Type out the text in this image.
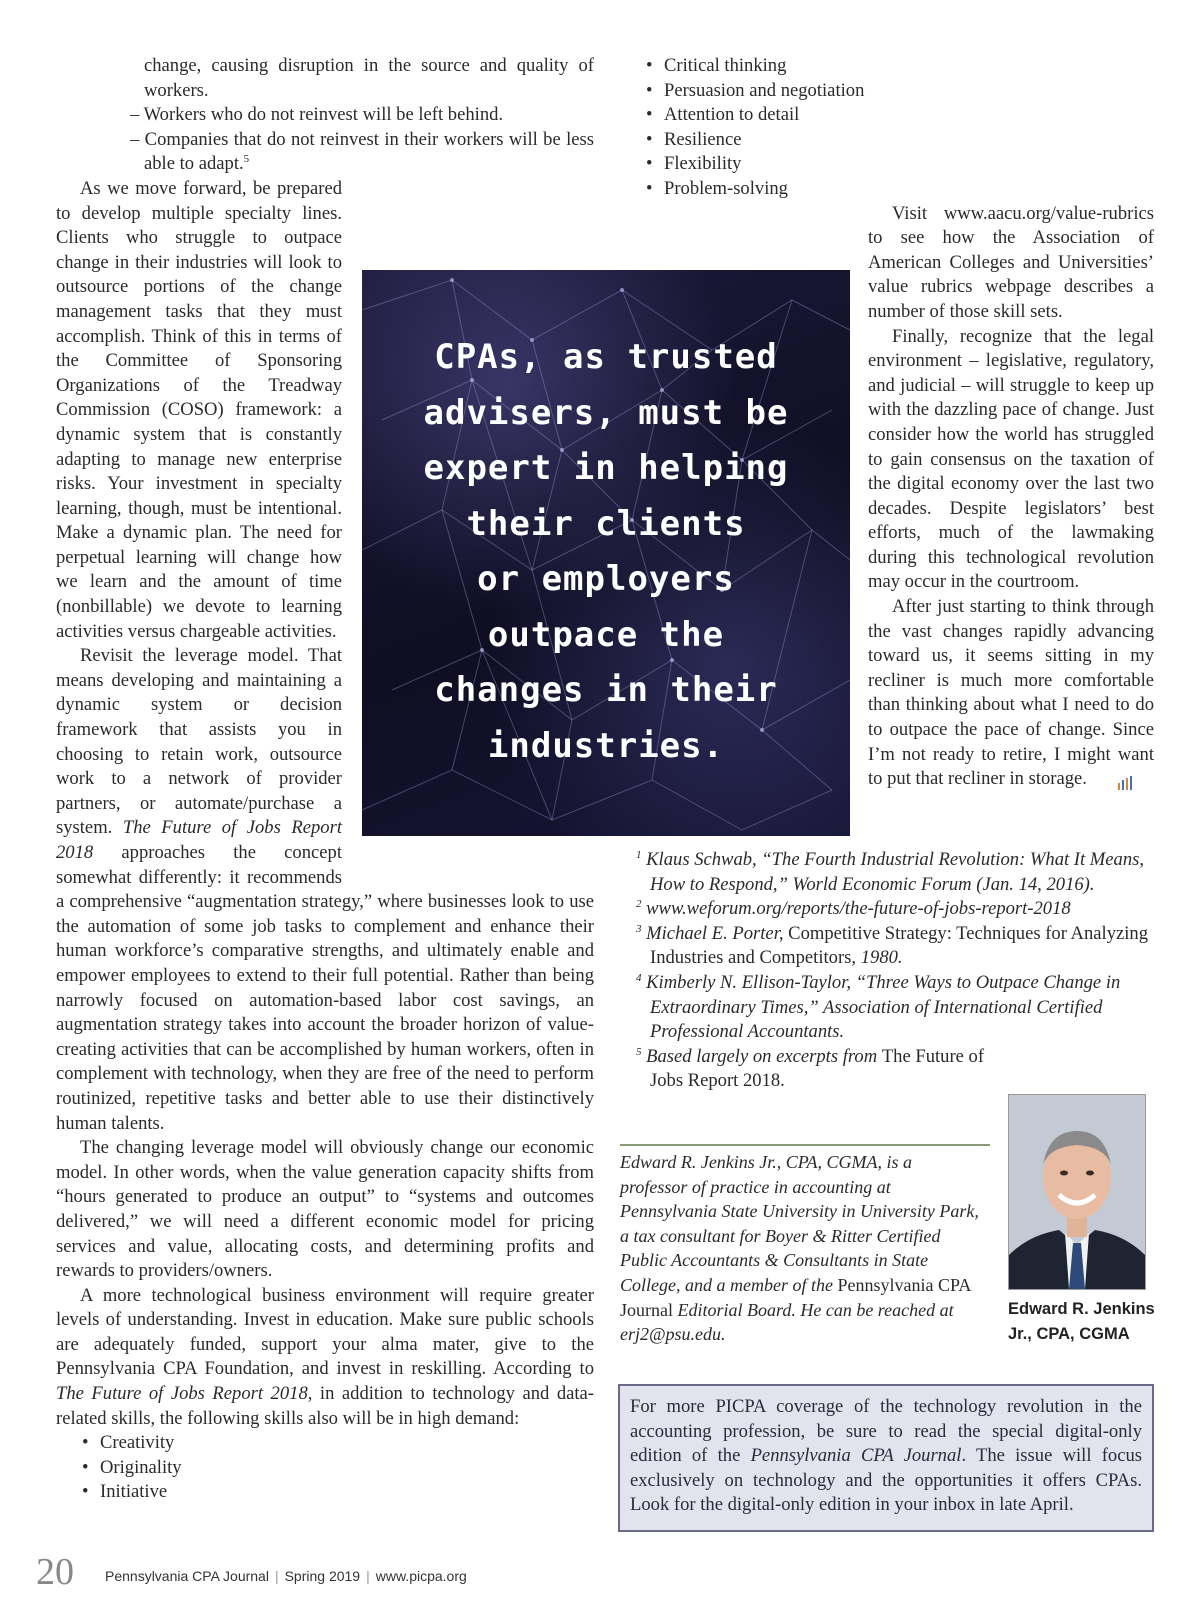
change, causing disruption in the source and quality of workers.

– Workers who do not reinvest will be left behind.

– Companies that do not reinvest in their workers will be less able to adapt.$^5$

As we move forward, be prepared to develop multiple specialty lines. Clients who struggle to outpace change in their industries will look to outsource portions of the change management tasks that they must accomplish. Think of this in terms of the Committee of Sponsoring Organizations of the Treadway Commission (COSO) framework: a dynamic system that is constantly adapting to manage new enterprise risks. Your investment in specialty learning, though, must be intentional. Make a dynamic plan. The need for perpetual learning will change how we learn and the amount of time (nonbillable) we devote to learning activities versus chargeable activities.

Revisit the leverage model. That means developing and maintaining a dynamic system or decision framework that assists you in choosing to retain work, outsource work to a network of provider partners, or automate/purchase a system. The Future of Jobs Report 2018 approaches the concept somewhat differently: it recommends a comprehensive “augmentation strategy,” where businesses look to use the automation of some job tasks to complement and enhance their human workforce’s comparative strengths, and ultimately enable and empower employees to extend to their full potential. Rather than being narrowly focused on automation-based labor cost savings, an augmentation strategy takes into account the broader horizon of value-creating activities that can be accomplished by human workers, often in complement with technology, when they are free of the need to perform routinized, repetitive tasks and better able to use their distinctively human talents.

The changing leverage model will obviously change our economic model. In other words, when the value generation capacity shifts from “hours generated to produce an output” to “systems and outcomes delivered,” we will need a different economic model for pricing services and value, allocating costs, and determining profits and rewards to providers/owners.

A more technological business environment will require greater levels of understanding. Invest in education. Make sure public schools are adequately funded, support your alma mater, give to the Pennsylvania CPA Foundation, and invest in reskilling. According to The Future of Jobs Report 2018, in addition to technology and data-related skills, the following skills also will be in high demand:

• Creativity
• Originality
• Initiative
• Critical thinking
• Persuasion and negotiation
• Attention to detail
• Resilience
• Flexibility
• Problem-solving

Visit www.aacu.org/value-rubrics to see how the Association of American Colleges and Universities’ value rubrics webpage describes a number of those skill sets.

Finally, recognize that the legal environment – legislative, regulatory, and judicial – will struggle to keep up with the dazzling pace of change. Just consider how the world has struggled to gain consensus on the taxation of the digital economy over the last two decades. Despite legislators’ best efforts, much of the lawmaking during this technological revolution may occur in the courtroom.

After just starting to think through the vast changes rapidly advancing toward us, it seems sitting in my recliner is much more comfortable than thinking about what I need to do to outpace the pace of change. Since I’m not ready to retire, I might want to put that recliner in storage.

CPAs, as trusted
advisers, must be
expert in helping
their clients
or employers
outpace the
changes in their
industries.

$^1$ Klaus Schwab, “The Fourth Industrial Revolution: What It Means, How to Respond,” World Economic Forum (Jan. 14, 2016).

$^2$ www.weforum.org/reports/the-future-of-jobs-report-2018

$^3$ Michael E. Porter, Competitive Strategy: Techniques for Analyzing Industries and Competitors, 1980.

$^4$ Kimberly N. Ellison-Taylor, “Three Ways to Outpace Change in Extraordinary Times,” Association of International Certified Professional Accountants.

$^5$ Based largely on excerpts from The Future of Jobs Report 2018.

Edward R. Jenkins Jr., CPA, CGMA, is a professor of practice in accounting at Pennsylvania State University in University Park, a tax consultant for Boyer & Ritter Certified Public Accountants & Consultants in State College, and a member of the Pennsylvania CPA Journal Editorial Board. He can be reached at erj2@psu.edu.
Edward R. Jenkins
Jr., CPA, CGMA
For more PICPA coverage of the technology revolution in the accounting profession, be sure to read the special digital-only edition of the Pennsylvania CPA Journal. The issue will focus exclusively on technology and the opportunities it offers CPAs. Look for the digital-only edition in your inbox in late April.
20 Pennsylvania CPA Journal | Spring 2019 | www.picpa.org
